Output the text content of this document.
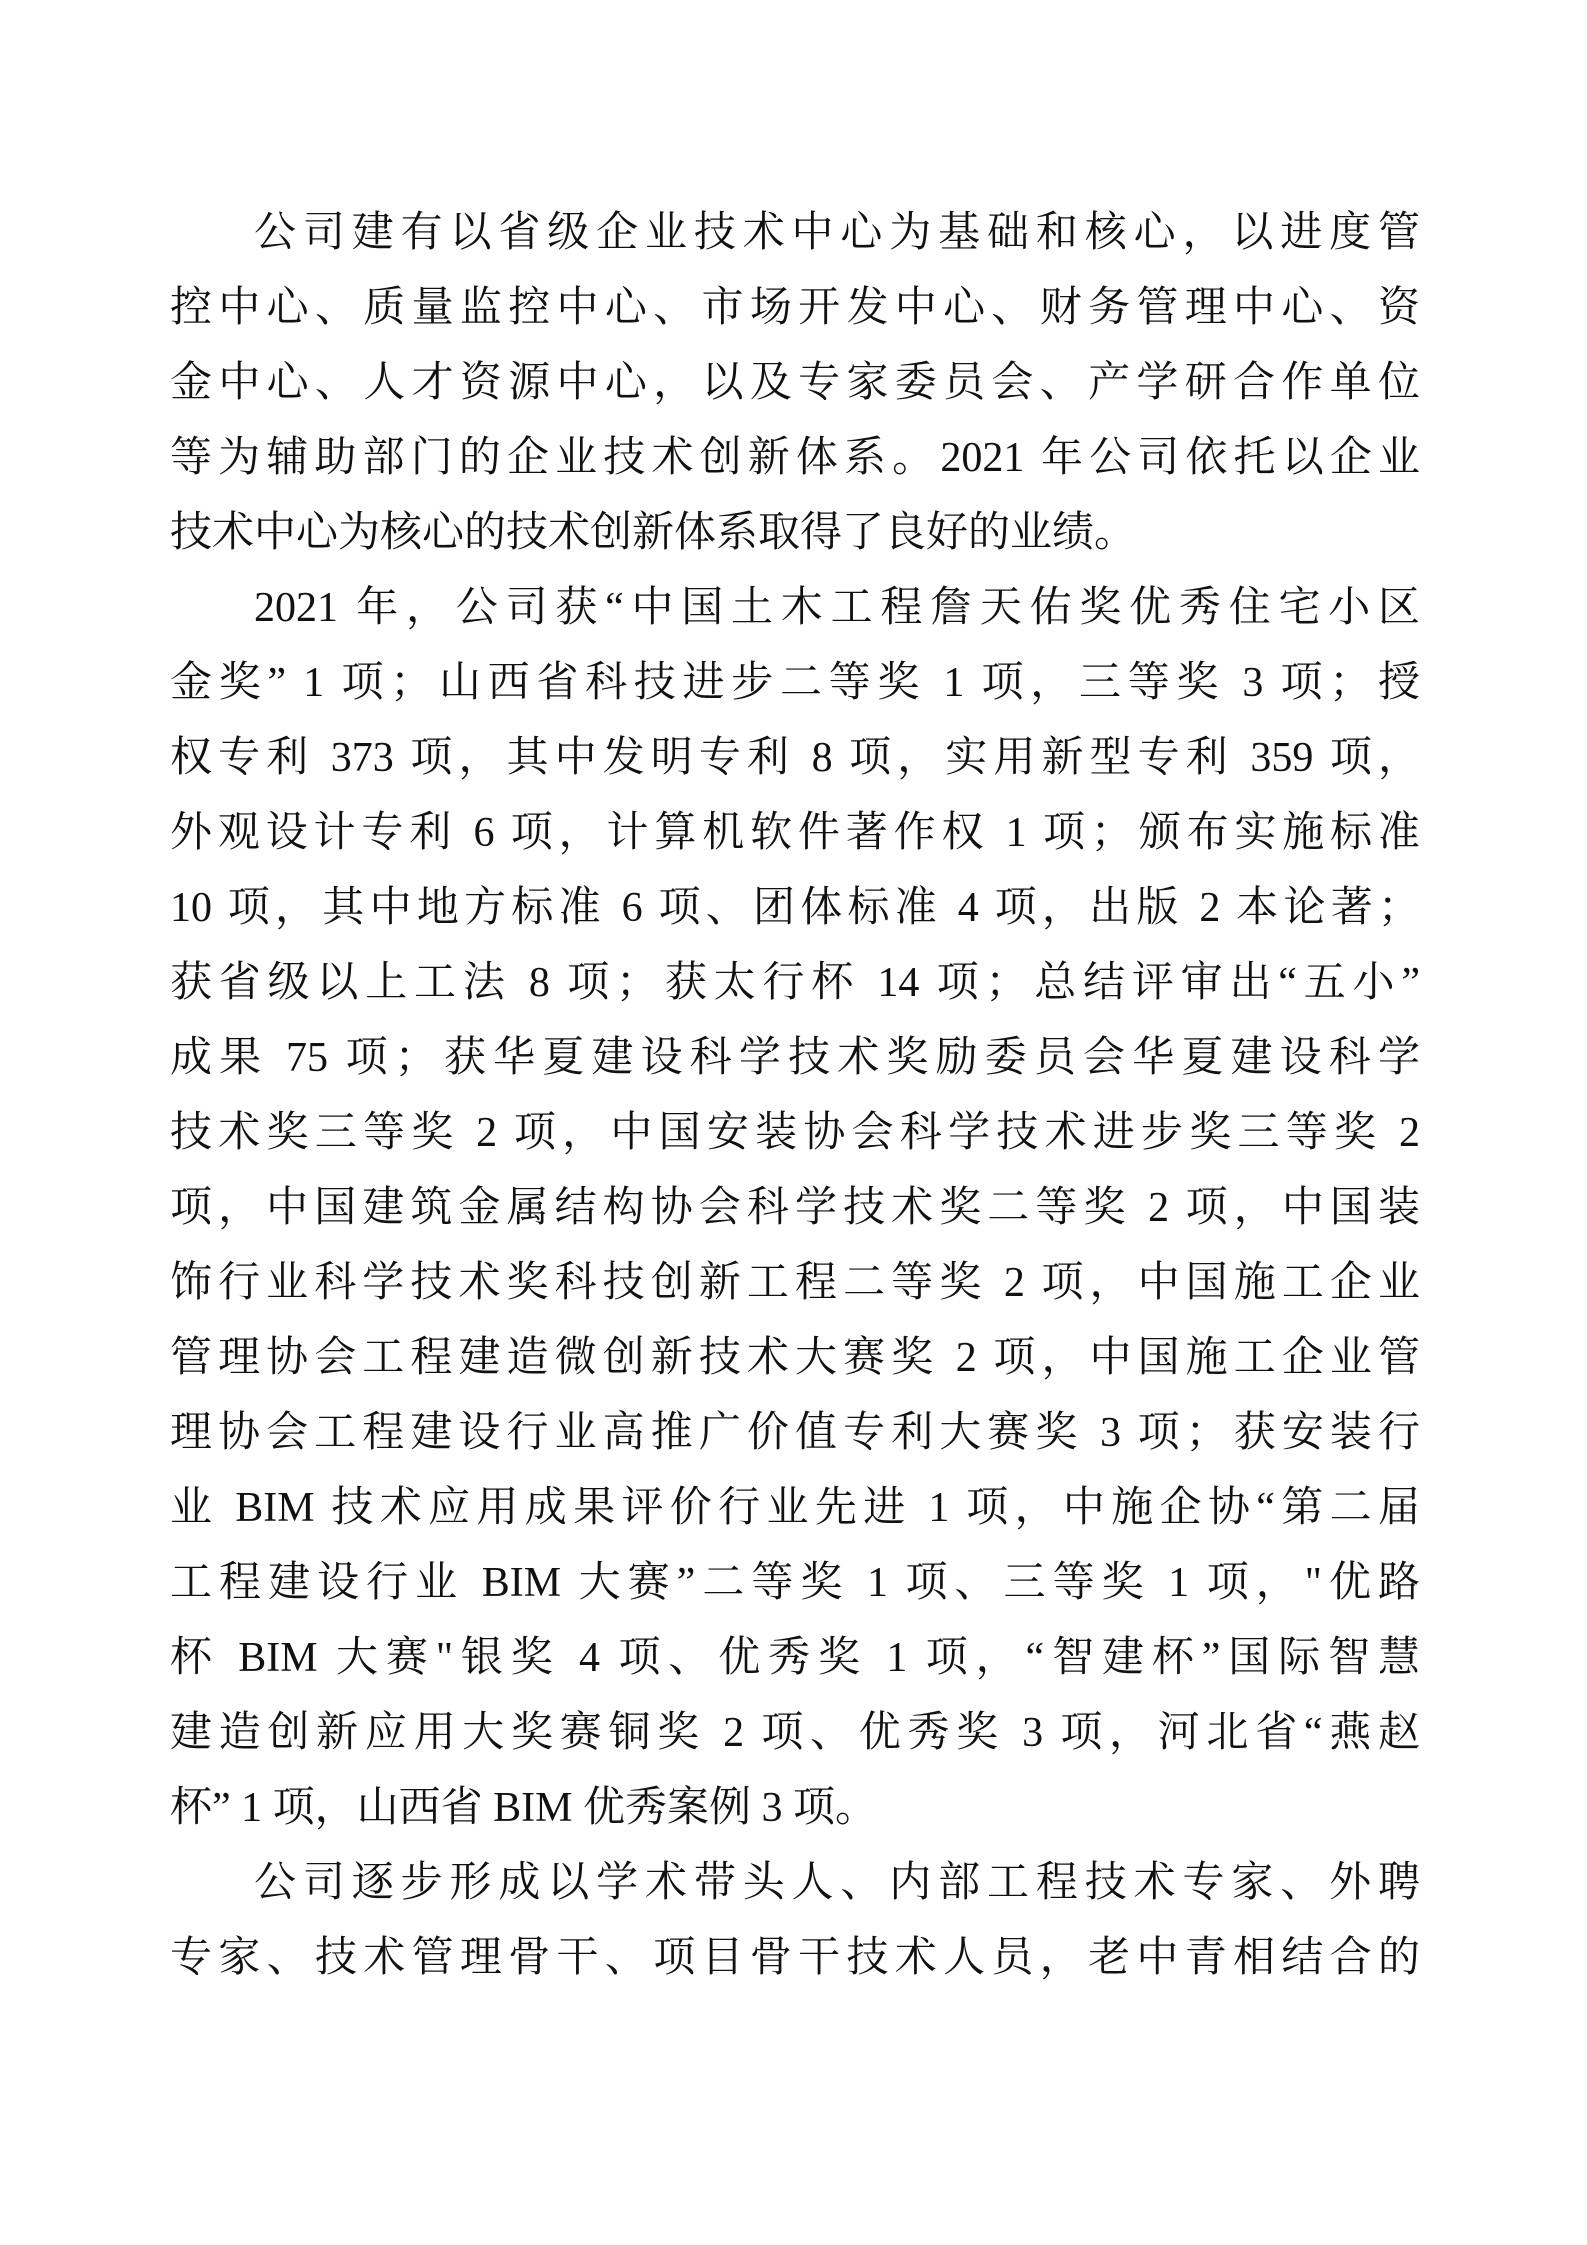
公司建有以省级企业技术中心为基础和核心，以进度管
控中心、质量监控中心、市场开发中心、财务管理中心、资
金中心、人才资源中心，以及专家委员会、产学研合作单位
等为辅助部门的企业技术创新体系。2021 年公司依托以企业
技术中心为核心的技术创新体系取得了良好的业绩。
2021 年，公司获“中国土木工程詹天佑奖优秀住宅小区
金奖” 1 项；山西省科技进步二等奖 1 项，三等奖 3 项；授
权专利 373 项，其中发明专利 8 项，实用新型专利 359 项，
外观设计专利 6 项，计算机软件著作权 1 项；颁布实施标准
10 项，其中地方标准 6 项、团体标准 4 项，出版 2 本论著；
获省级以上工法 8 项；获太行杯 14 项；总结评审出“五小”
成果 75 项；获华夏建设科学技术奖励委员会华夏建设科学
技术奖三等奖 2 项，中国安装协会科学技术进步奖三等奖 2
项，中国建筑金属结构协会科学技术奖二等奖 2 项，中国装
饰行业科学技术奖科技创新工程二等奖 2 项，中国施工企业
管理协会工程建造微创新技术大赛奖 2 项，中国施工企业管
理协会工程建设行业高推广价值专利大赛奖 3 项；获安装行
业 BIM 技术应用成果评价行业先进 1 项，中施企协“第二届
工程建设行业 BIM 大赛”二等奖 1 项、三等奖 1 项，"优路
杯 BIM 大赛"银奖 4 项、优秀奖 1 项，“智建杯”国际智慧
建造创新应用大奖赛铜奖 2 项、优秀奖 3 项，河北省“燕赵
杯” 1 项，山西省 BIM 优秀案例 3 项。
公司逐步形成以学术带头人、内部工程技术专家、外聘
专家、技术管理骨干、项目骨干技术人员，老中青相结合的
